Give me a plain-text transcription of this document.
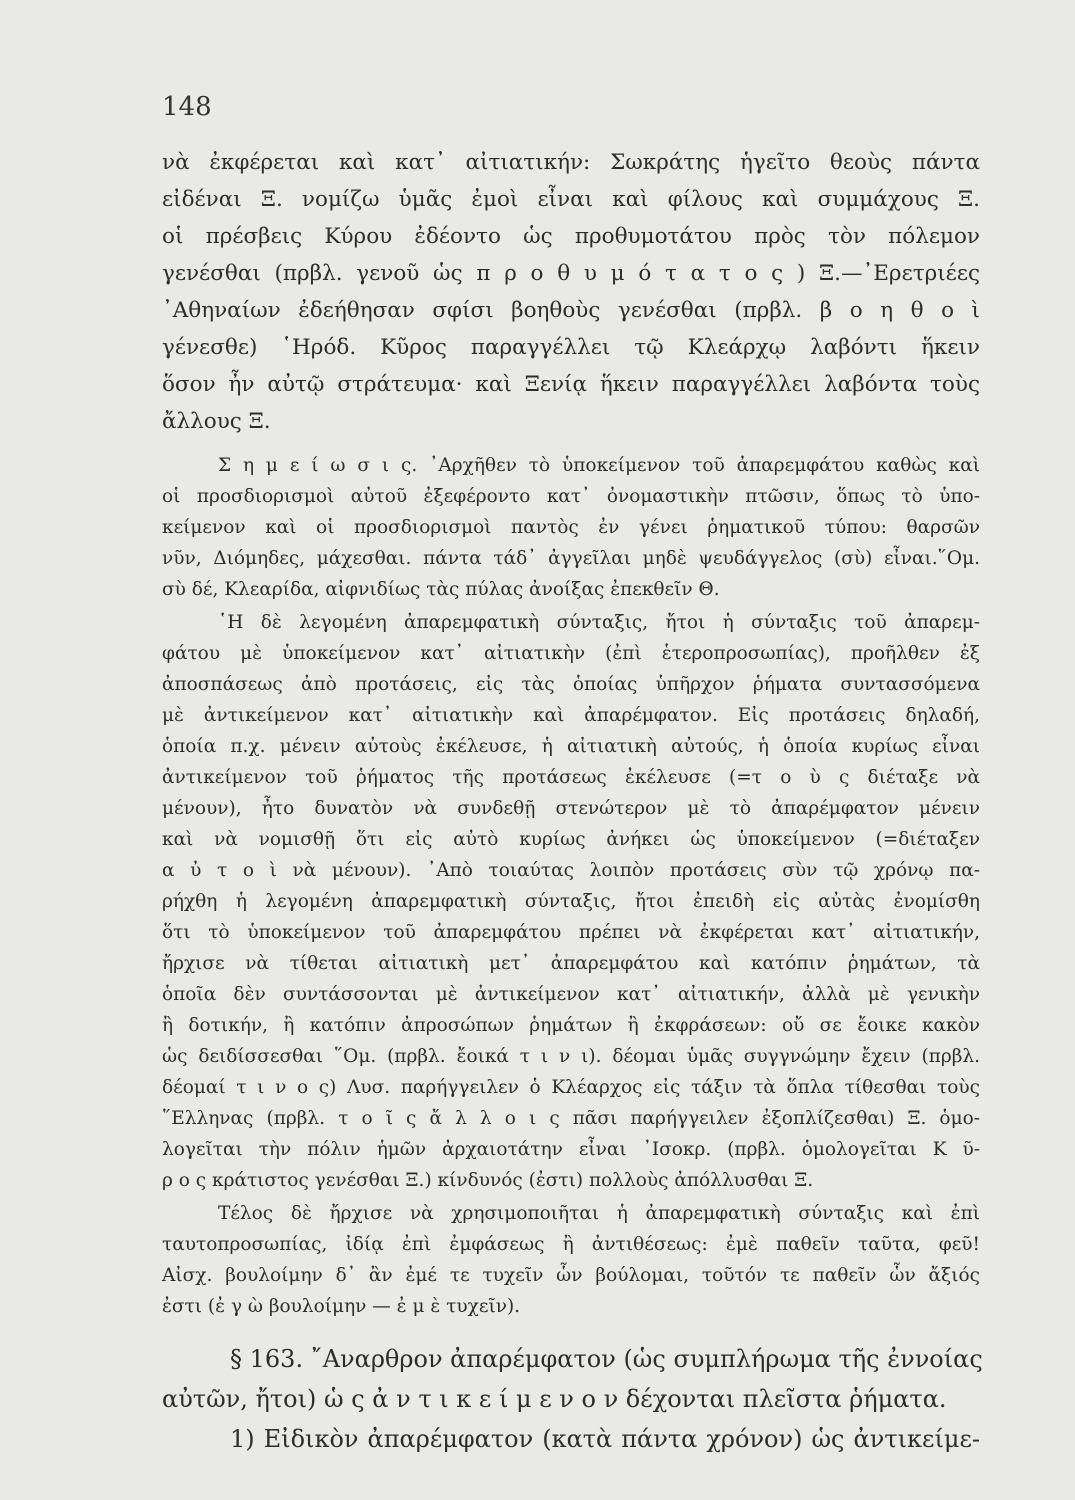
148

νὰ ἐκφέρεται καὶ κατ᾽ αἰτιατικήν: Σωκράτης ἡγεῖτο θεοὺς πάντα

εἰδέναι Ξ. νομίζω ὑμᾶς ἐμοὶ εἶναι καὶ φίλους καὶ συμμάχους Ξ.

οἱ πρέσβεις Κύρου ἐδέοντο ὡς προθυμοτάτου πρὸς τὸν πόλεμον

γενέσθαι (πρβλ. γενοῦ ὡς π ρ ο θ υ μ ό τ α τ ο ς ) Ξ.—᾽Ερετριέες

᾽Αθηναίων ἐδεήθησαν σφίσι βοηθοὺς γενέσθαι (πρβλ. β ο η θ ο ὶ

γένεσθε) ῾Ηρόδ. Κῦρος παραγγέλλει τῷ Κλεάρχῳ λαβόντι ἥκειν

ὅσον ἦν αὐτῷ στράτευμα· καὶ Ξενίᾳ ἥκειν παραγγέλλει λαβόντα τοὺς

ἄλλους Ξ.

Σ η μ ε ί ω σ ι ς. ᾽Αρχῆθεν τὸ ὑποκείμενον τοῦ ἀπαρεμφάτου καθὼς καὶ

οἱ προσδιορισμοὶ αὐτοῦ ἐξεφέροντο κατ᾽ ὀνομαστικὴν πτῶσιν, ὅπως τὸ ὑπο-

κείμενον καὶ οἱ προσδιορισμοὶ παντὸς ἐν γένει ῥηματικοῦ τύπου: θαρσῶν

νῦν, Διόμηδες, μάχεσθαι. πάντα τάδ᾽ ἀγγεῖλαι μηδὲ ψευδάγγελος (σὺ) εἶναι.῞Ομ.

σὺ δέ, Κλεαρίδα, αἰφνιδίως τὰς πύλας ἀνοίξας ἐπεκθεῖν Θ.

῾Η δὲ λεγομένη ἀπαρεμφατικὴ σύνταξις, ἤτοι ἡ σύνταξις τοῦ ἀπαρεμ-

φάτου μὲ ὑποκείμενον κατ᾽ αἰτιατικὴν (ἐπὶ ἑτεροπροσωπίας), προῆλθεν ἐξ

ἀποσπάσεως ἀπὸ προτάσεις, εἰς τὰς ὁποίας ὑπῆρχον ῥήματα συντασσόμενα

μὲ ἀντικείμενον κατ᾽ αἰτιατικὴν καὶ ἀπαρέμφατον. Εἰς προτάσεις δηλαδή,

ὁποία π.χ. μένειν αὐτοὺς ἐκέλευσε, ἡ αἰτιατικὴ αὐτούς, ἡ ὁποία κυρίως εἶναι

ἀντικείμενον τοῦ ῥήματος τῆς προτάσεως ἐκέλευσε (=τ ο ὺ ς διέταξε νὰ

μένουν), ἦτο δυνατὸν νὰ συνδεθῇ στενώτερον μὲ τὸ ἀπαρέμφατον μένειν

καὶ νὰ νομισθῇ ὅτι εἰς αὐτὸ κυρίως ἀνήκει ὡς ὑποκείμενον (=διέταξεν

α ὐ τ ο ὶ νὰ μένουν). ᾽Απὸ τοιαύτας λοιπὸν προτάσεις σὺν τῷ χρόνῳ πα-

ρήχθη ἡ λεγομένη ἀπαρεμφατικὴ σύνταξις, ἤτοι ἐπειδὴ εἰς αὐτὰς ἐνομίσθη

ὅτι τὸ ὑποκείμενον τοῦ ἀπαρεμφάτου πρέπει νὰ ἐκφέρεται κατ᾽ αἰτιατικήν,

ἤρχισε νὰ τίθεται αἰτιατικὴ μετ᾽ ἀπαρεμφάτου καὶ κατόπιν ῥημάτων, τὰ

ὁποῖα δὲν συντάσσονται μὲ ἀντικείμενον κατ᾽ αἰτιατικήν, ἀλλὰ μὲ γενικὴν

ἢ δοτικήν, ἢ κατόπιν ἀπροσώπων ῥημάτων ἢ ἐκφράσεων: οὔ σε ἔοικε κακὸν

ὡς δειδίσσεσθαι ῞Ομ. (πρβλ. ἔοικά τ ι ν ι). δέομαι ὑμᾶς συγγνώμην ἔχειν (πρβλ.

δέομαί τ ι ν ο ς) Λυσ. παρήγγειλεν ὁ Κλέαρχος εἰς τάξιν τὰ ὅπλα τίθεσθαι τοὺς

῞Ελληνας (πρβλ. τ ο ῖ ς ἄ λ λ ο ι ς πᾶσι παρήγγειλεν ἐξοπλίζεσθαι) Ξ. ὁμο-

λογεῖται τὴν πόλιν ἡμῶν ἀρχαιοτάτην εἶναι ᾽Ισοκρ. (πρβλ. ὁμολογεῖται Κ ῦ-

ρ ο ς κράτιστος γενέσθαι Ξ.) κίνδυνός (ἐστι) πολλοὺς ἀπόλλυσθαι Ξ.

Τέλος δὲ ἤρχισε νὰ χρησιμοποιῆται ἡ ἀπαρεμφατικὴ σύνταξις καὶ ἐπὶ

ταυτοπροσωπίας, ἰδίᾳ ἐπὶ ἐμφάσεως ἢ ἀντιθέσεως: ἐμὲ παθεῖν ταῦτα, φεῦ!

Αἰσχ. βουλοίμην δ᾽ ἂν ἐμέ τε τυχεῖν ὧν βούλομαι, τοῦτόν τε παθεῖν ὧν ἄξιός

ἐστι (ἐ γ ὼ βουλοίμην — ἐ μ ὲ τυχεῖν).

§ 163. ῎Αναρθρον ἀπαρέμφατον (ὡς συμπλήρωμα τῆς ἐννοίας

αὐτῶν, ἤτοι) ὡ ς ἀ ν τ ι κ ε ί μ ε ν ο ν δέχονται πλεῖστα ῥήματα.

1) Εἰδικὸν ἀπαρέμφατον (κατὰ πάντα χρόνον) ὡς ἀντικείμε-
